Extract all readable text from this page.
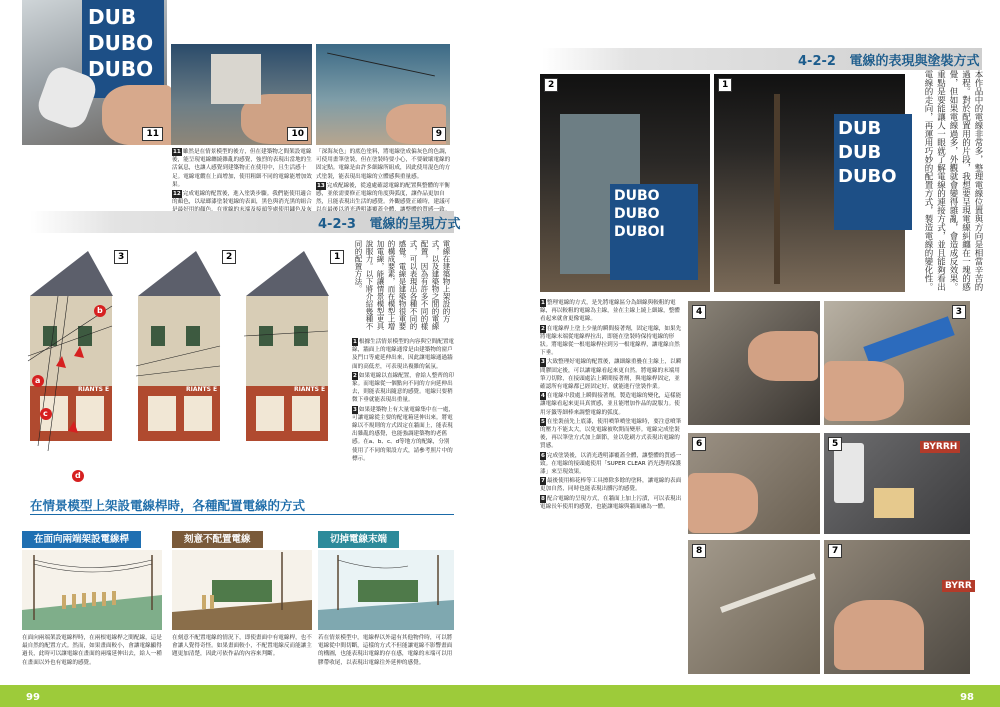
DUB
DUBO
DUBO
11	10	9

11 雖然是在情景模型的後方，但在建築物之間架設電線後，能呈現電線纏繞雜亂的感覺，強烈的表現出當地的生活氣息，也讓人感覺到建築物正在使用中，且生活感十足。電線電纜在上面增加，使用粗細不同的電線能增加效果。

12 完成電線的配置後，進入塗裝步驟。我們能使用適合的顏色，以琺瑯漆塗裝電線的表面，黑色與消光黑的組合

「深海灰色」的底色塗料，將電線塗成偏灰色的色調，可使用畫筆塗裝，但在塗裝時要小心，不要破壞電線的固定點。電線是由許多細線所組成，因此使用混色的方式塗裝，能表現出電線的立體感與重量感。

13 完成配線後，從遠處確認電線的配置與整體的平衡感，並依需要修正電線的角度與弧度，讓作品更加自然，且能表現出生活的感覺。外觀感覺正確時，建議可

4-2-3 電線的呈現方式
3	2	1
RIANTS E	RIANTS E	RIANTS E
b
a
c
d
電線在建築物上架設的方式，以及建築物之間的電線配置，因為有許多不同的樣式，可以表現出各種不同的感覺。電線是建築物很重要的構成要素，而在模型上增加電線，能讓情景模型更具說服力。以下將介紹幾種不同的配置方法。

1 根據生活情景模型的內容與空間配置電線，牆面上的電線通常是由建築物的窗戶及門口等處延伸出來，因此讓電線通過牆面的高低差，可表現出複雜的氣氛。

2 如果電線以直線配置，會給人整齊的印象。而電線從一個點向不同的方向延伸出去，則能表現出隨意的感覺。電線只要稍微下垂就能表現出重量。

3 如果建築物上有大量電線集中在一處，可讓電線從主要的配電箱延伸出來。將電線以不規則的方式固定在牆面上，能表現出雜亂的感覺，也能強調建築物的老舊感。在a、b、c、d等地方的配線，分別使用了不同的架設方式，請參考照片中的標示。

在情景模型上架設電線桿時，各種配置電線的方式
在面向兩端架設電線桿	刻意不配置電線	切掉電線末端
在面向兩端架設電線桿時，在兩根電線桿之間配線，這是最自然的配置方式。然而，如果畫面較小，會讓電線顯得過長，此時可以讓電線在畫面的兩端延伸出去，給人一種在畫面以外也有電線的感覺。
在刻意不配置電線的情況下，即使畫面中有電線桿，也不會讓人覺得奇怪。如果畫面較小，不配置電線反而能讓主題更加清楚，因此可依作品的內容來判斷。
若在情景模型中，電線桿以外還有其他物件時，可以將電線從中間切斷，這樣的方式不但能讓電線不影響畫面的構圖，也能表現出電線的存在感，電線的末端可以用膠帶收尾，以表現出電線往外延伸的感覺。
99
4-2-2 電線的表現與塗裝方式
DUBO
DUBO
DUBOI
2
DUB
DUB
DUBO
1	本作品中的電線非常多，整理電線位置與方向是相當辛苦的過程。對於配置用的片段，我想要呈現電線糾纏在一塊的感覺，但如果電線過多，外觀就會變得雜亂，會造成反效果。重點是要能讓人一眼就了解電線的連接方式，並且能夠看出電線的走向，再運用巧妙的配置方式，製造電線的變化性。

1 整理電線的方式，是先將電線區分為細線與較粗的電線，再以較粗的電線為主線，並在主線上繞上細線，整體看起來就會更像電線。

2 在電線桿上塗上少量的瞬間接著劑，固定電線，如果先將電線末端從電線桿拉出，即能在塗裝時保持電線的形狀。將電線從一根電線桿拉到另一根電線桿，讓電線自然下垂。

3 大致整理好電線的配置後，讓細線重疊在主線上，以瞬間膠固定後，可以讓電線看起來更自然。將電線的末端用筆刀切除，在接頭處沾上瞬間接著劑，與電線桿固定，並確認所有電線都已經固定好，就能進行塗裝作業。

4 在電線中段處上瞬間接著劑，製造電線的變化，這樣能讓電線看起來更具真實感，並且能增加作品的說服力。使用牙籤等細棒來調整電線的弧度。

5 在塗裝前先上底漆，使用噴筆噴塗電線時，要注意噴筆的壓力不能太大，以免電線被吹開而變形。電線完成塗裝後，再以筆塗方式加上細節，並以乾刷方式表現出電線的質感。

6 完成塗裝後，以消光透明漆覆蓋全體，讓整體的質感一致。在電線的接頭處使用「SUPER CLEAR 消光透明保護漆」來呈現效果。

7 最後使用棉花棒等工具擦除多餘的塗料，讓電線的表面更加自然，同時也能表現出髒污的感覺。

8 配合電線的呈現方式，在牆面上加上污漬，可以表現出電線長年使用的感覺，也能讓電線與牆面融為一體。

4	3
6	BYRRH
5
8
BYRR
7
98
